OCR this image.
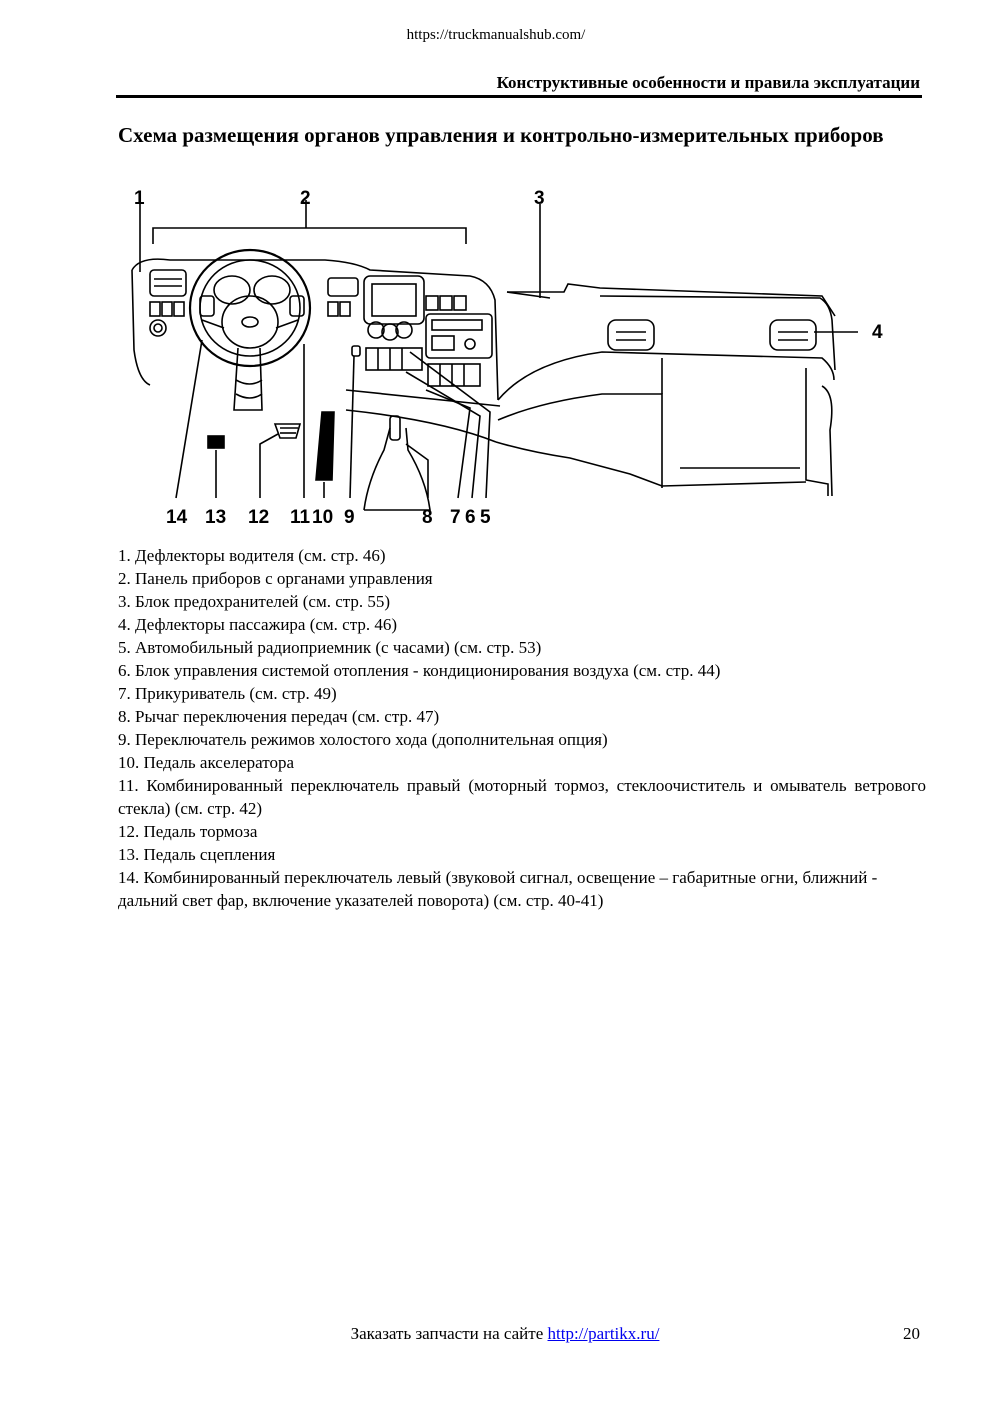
https://truckmanualshub.com/
Конструктивные особенности и правила эксплуатации
Схема размещения органов управления и контрольно-измерительных приборов
1	2	3
4
14 13 12 11 10 9	8 7 6 5
1. Дефлекторы водителя (см. стр. 46)
2. Панель приборов с органами управления
3. Блок предохранителей (см. стр. 55)
4. Дефлекторы пассажира (см. стр. 46)
5. Автомобильный радиоприемник (с часами) (см. стр. 53)
6. Блок управления системой отопления - кондиционирования воздуха (см. стр. 44)
7. Прикуриватель (см. стр. 49)
8. Рычаг переключения передач (см. стр. 47)
9. Переключатель режимов холостого хода (дополнительная опция)
10. Педаль акселератора
11. Комбинированный переключатель правый (моторный тормоз, стеклоочиститель и омыватель ветрового стекла) (см. стр. 42)
12. Педаль тормоза
13. Педаль сцепления
14. Комбинированный переключатель левый (звуковой сигнал, освещение – габаритные огни, ближний - дальний свет фар, включение указателей поворота) (см. стр. 40-41)
Заказать запчасти на сайте http://partikx.ru/	20
